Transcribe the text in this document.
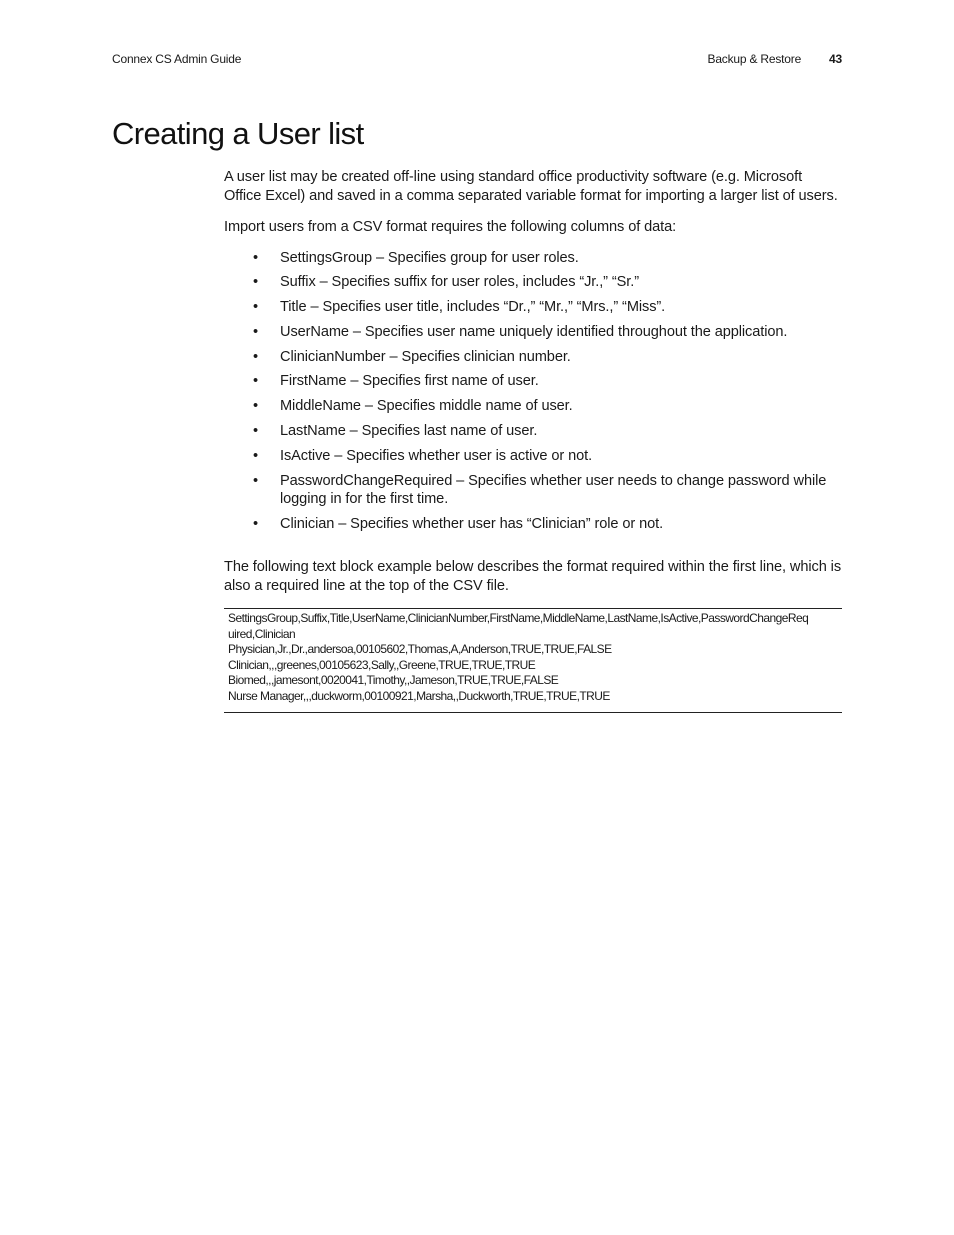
Connex CS Admin Guide	Backup & Restore 43
Creating a User list

A user list may be created off-line using standard office productivity software (e.g. Microsoft Office Excel) and saved in a comma separated variable format for importing a larger list of users.

Import users from a CSV format requires the following columns of data:

• SettingsGroup – Specifies group for user roles.
• Suffix – Specifies suffix for user roles, includes “Jr.,” “Sr.”
• Title – Specifies user title, includes “Dr.,” “Mr.,” “Mrs.,” “Miss”.
• UserName – Specifies user name uniquely identified throughout the application.
• ClinicianNumber – Specifies clinician number.
• FirstName – Specifies first name of user.
• MiddleName – Specifies middle name of user.
• LastName – Specifies last name of user.
• IsActive – Specifies whether user is active or not.
• PasswordChangeRequired – Specifies whether user needs to change password while logging in for the first time.
• Clinician – Specifies whether user has “Clinician” role or not.

The following text block example below describes the format required within the first line, which is also a required line at the top of the CSV file.

SettingsGroup,Suffix,Title,UserName,ClinicianNumber,FirstName,MiddleName,LastName,IsActive,PasswordChangeReq
uired,Clinician
Physician,Jr.,Dr.,andersoa,00105602,Thomas,A,Anderson,TRUE,TRUE,FALSE
Clinician,,,greenes,00105623,Sally,,Greene,TRUE,TRUE,TRUE
Biomed,,,jamesont,0020041,Timothy,,Jameson,TRUE,TRUE,FALSE
Nurse Manager,,,duckworm,00100921,Marsha,,Duckworth,TRUE,TRUE,TRUE
